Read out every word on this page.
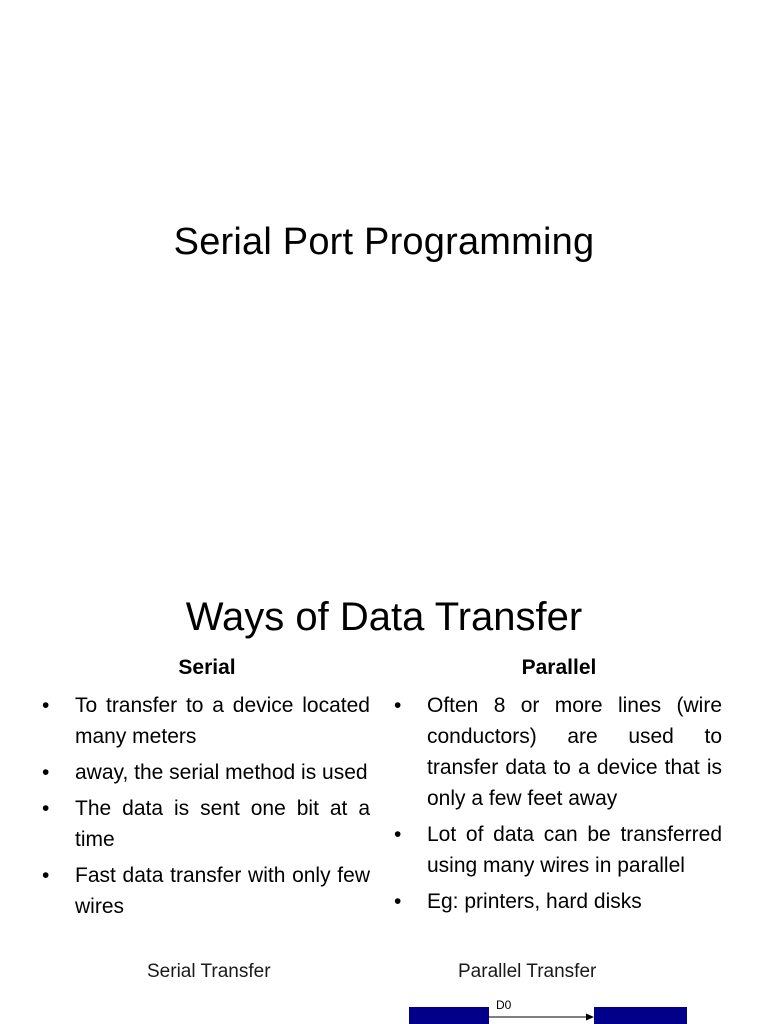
Serial Port Programming
Ways of Data Transfer
Serial	Parallel
• To transfer to a device located many meters
• away, the serial method is used
• The data is sent one bit at a time
• Fast data transfer with only few wires
• Often 8 or more lines (wire conductors) are used to transfer data to a device that is only a few feet away
• Lot of data can be transferred using many wires in parallel
• Eg: printers, hard disks
Serial Transfer	Parallel Transfer
D0
